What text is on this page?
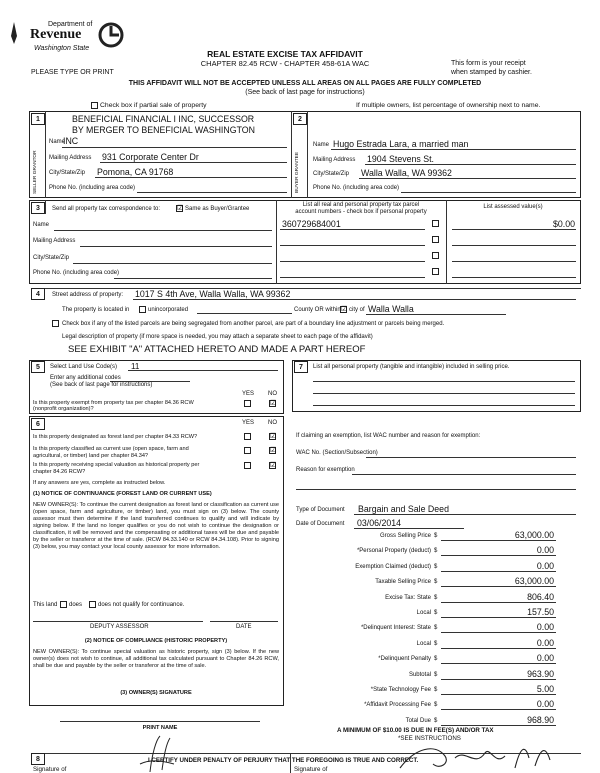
Department of
Revenue
Washington State
PLEASE TYPE OR PRINT
REAL ESTATE EXCISE TAX AFFIDAVIT
CHAPTER 82.45 RCW - CHAPTER 458-61A WAC	This form is your receipt
when stamped by cashier.
THIS AFFIDAVIT WILL NOT BE ACCEPTED UNLESS ALL AREAS ON ALL PAGES ARE FULLY COMPLETED
(See back of last page for instructions)
Check box if partial sale of property	If multiple owners, list percentage of ownership next to name.
1
SELLER GRANTOR
BENEFICIAL FINANCIAL I INC, SUCCESSOR
BY MERGER TO BENEFICIAL WASHINGTON
Name
INC
Mailing Address 931 Corporate Center Dr
City/State/Zip Pomona, CA 91768
Phone No. (including area code)
2
BUYER GRANTEE
Name Hugo Estrada Lara, a married man
Mailing Address 1904 Stevens St.
City/State/Zip Walla Walla, WA 99362
Phone No. (including area code)
3	Send all property tax correspondence to: ☑ Same as Buyer/Grantee
List all real and personal property tax parcel
account numbers - check box if personal property
List assessed value(s)
Name
Mailing Address
City/State/Zip
Phone No. (including area code)
360729684001	$0.00
4	Street address of property: 1017 S 4th Ave, Walla Walla, WA 99362
The property is located in	unincorporated	County OR within ☑ city of Walla Walla
Check box if any of the listed parcels are being segregated from another parcel, are part of a boundary line adjustment or parcels being merged.
Legal description of property (if more space is needed, you may attach a separate sheet to each page of the affidavit)
SEE EXHIBIT "A" ATTACHED HERETO AND MADE A PART HEREOF
5	Select Land Use Code(s) 11
Enter any additional codes
(See back of last page for instructions)
YES NO
Is this property exempt from property tax per chapter 84.36 RCW
(nonprofit organization)?
☑
6	YES NO
Is this property designated as forest land per chapter 84.33 RCW?	☑
Is this property classified as current use (open space, farm and
agricultural, or timber) land per chapter 84.34?
☑
Is this property receiving special valuation as historical property per
chapter 84.26 RCW?
☑
If any answers are yes, complete as instructed below.
(1) NOTICE OF CONTINUANCE (FOREST LAND OR CURRENT USE)
NEW OWNER(S): To continue the current designation as forest land or classification as current use (open space, farm and agriculture, or timber) land, you must sign on (3) below. The county assessor must then determine if the land transferred continues to qualify and will indicate by signing below. If the land no longer qualifies or you do not wish to continue the designation or classification, it will be removed and the compensating or additional taxes will be due and payable by the seller or transferor at the time of sale. (RCW 84.33.140 or RCW 84.34.108). Prior to signing (3) below, you may contact your local county assessor for more information.
This land does	does not qualify for continuance.
DEPUTY ASSESSOR	DATE
(2) NOTICE OF COMPLIANCE (HISTORIC PROPERTY)
NEW OWNER(S): To continue special valuation as historic property, sign (3) below. If the new owner(s) does not wish to continue, all additional tax calculated pursuant to Chapter 84.26 RCW, shall be due and payable by the seller or transferor at the time of sale.
(3) OWNER(S) SIGNATURE
PRINT NAME
7	List all personal property (tangible and intangible) included in selling price.
If claiming an exemption, list WAC number and reason for exemption:
WAC No. (Section/Subsection)
Reason for exemption
Type of Document Bargain and Sale Deed
Date of Document 03/06/2014
Gross Selling Price $	63,000.00
*Personal Property (deduct) $	0.00
Exemption Claimed (deduct) $	0.00
Taxable Selling Price $	63,000.00
Excise Tax: State $	806.40
Local $	157.50
*Delinquent Interest: State $	0.00
Local $	0.00
*Delinquent Penalty $	0.00
Subtotal $	963.90
*State Technology Fee $	5.00
*Affidavit Processing Fee $	0.00
Total Due $	968.90
A MINIMUM OF $10.00 IS DUE IN FEE(S) AND/OR TAX
*SEE INSTRUCTIONS
8	I CERTIFY UNDER PENALTY OF PERJURY THAT THE FOREGOING IS TRUE AND CORRECT.
Signature of	Signature of
